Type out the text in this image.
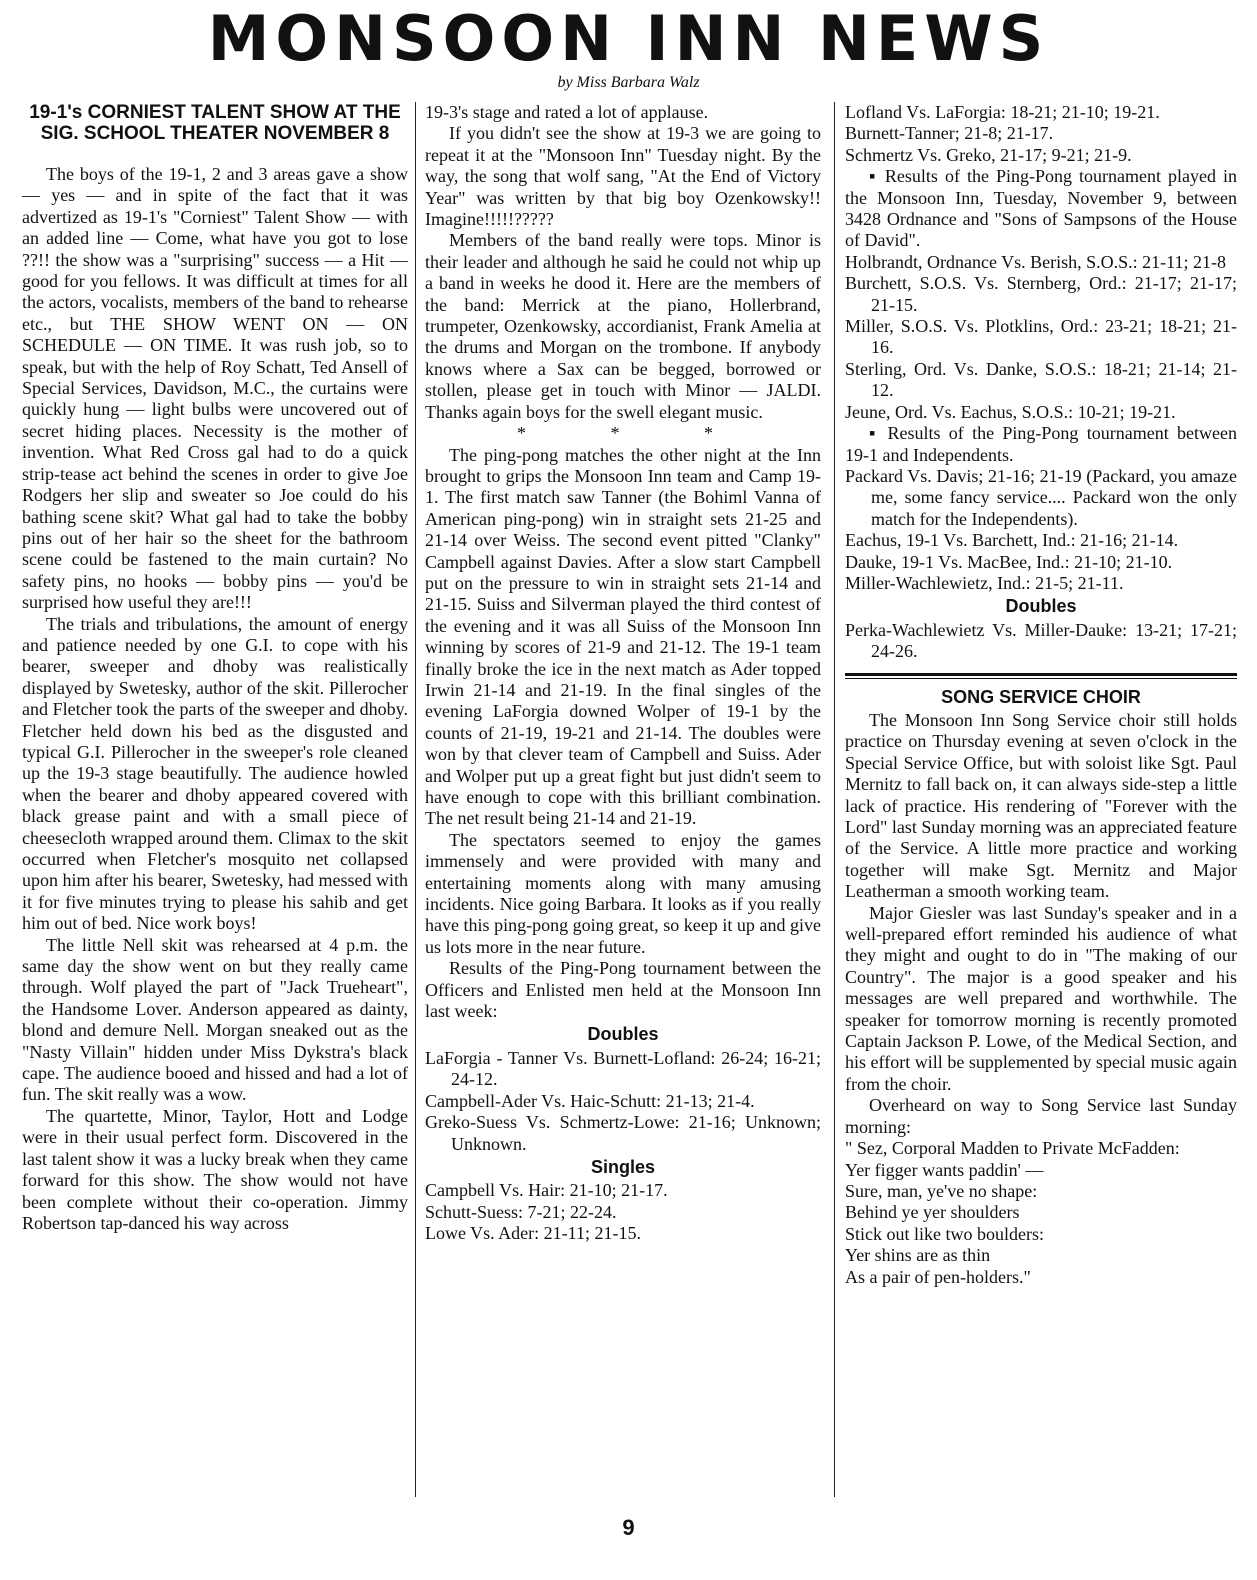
MONSOON INN NEWS
by Miss Barbara Walz
19-1's CORNIEST TALENT SHOW AT THE SIG. SCHOOL THEATER NOVEMBER 8

The boys of the 19-1, 2 and 3 areas gave a show — yes — and in spite of the fact that it was advertized as 19-1's "Corniest" Talent Show — with an added line — Come, what have you got to lose ??!! the show was a "surprising" success — a Hit — good for you fellows. It was difficult at times for all the actors, vocalists, members of the band to rehearse etc., but THE SHOW WENT ON — ON SCHEDULE — ON TIME. It was rush job, so to speak, but with the help of Roy Schatt, Ted Ansell of Special Services, Davidson, M.C., the curtains were quickly hung — light bulbs were uncovered out of secret hiding places. Necessity is the mother of invention. What Red Cross gal had to do a quick strip-tease act behind the scenes in order to give Joe Rodgers her slip and sweater so Joe could do his bathing scene skit? What gal had to take the bobby pins out of her hair so the sheet for the bathroom scene could be fastened to the main curtain? No safety pins, no hooks — bobby pins — you'd be surprised how useful they are!!!

The trials and tribulations, the amount of energy and patience needed by one G.I. to cope with his bearer, sweeper and dhoby was realistically displayed by Swetesky, author of the skit. Pillerocher and Fletcher took the parts of the sweeper and dhoby. Fletcher held down his bed as the disgusted and typical G.I. Pillerocher in the sweeper's role cleaned up the 19-3 stage beautifully. The audience howled when the bearer and dhoby appeared covered with black grease paint and with a small piece of cheesecloth wrapped around them. Climax to the skit occurred when Fletcher's mosquito net collapsed upon him after his bearer, Swetesky, had messed with it for five minutes trying to please his sahib and get him out of bed. Nice work boys!

The little Nell skit was rehearsed at 4 p.m. the same day the show went on but they really came through. Wolf played the part of "Jack Trueheart", the Handsome Lover. Anderson appeared as dainty, blond and demure Nell. Morgan sneaked out as the "Nasty Villain" hidden under Miss Dykstra's black cape. The audience booed and hissed and had a lot of fun. The skit really was a wow.

The quartette, Minor, Taylor, Hott and Lodge were in their usual perfect form. Discovered in the last talent show it was a lucky break when they came forward for this show. The show would not have been complete without their co-operation. Jimmy Robertson tap-danced his way across

19-3's stage and rated a lot of applause.

If you didn't see the show at 19-3 we are going to repeat it at the "Monsoon Inn" Tuesday night. By the way, the song that wolf sang, "At the End of Victory Year" was written by that big boy Ozenkowsky!! Imagine!!!!!?????

Members of the band really were tops. Minor is their leader and although he said he could not whip up a band in weeks he dood it. Here are the members of the band: Merrick at the piano, Hollerbrand, trumpeter, Ozenkowsky, accordianist, Frank Amelia at the drums and Morgan on the trombone. If anybody knows where a Sax can be begged, borrowed or stollen, please get in touch with Minor — JALDI. Thanks again boys for the swell elegant music.

* * *

The ping-pong matches the other night at the Inn brought to grips the Monsoon Inn team and Camp 19-1. The first match saw Tanner (the Bohiml Vanna of American ping-pong) win in straight sets 21-25 and 21-14 over Weiss. The second event pitted "Clanky" Campbell against Davies. After a slow start Campbell put on the pressure to win in straight sets 21-14 and 21-15. Suiss and Silverman played the third contest of the evening and it was all Suiss of the Monsoon Inn winning by scores of 21-9 and 21-12. The 19-1 team finally broke the ice in the next match as Ader topped Irwin 21-14 and 21-19. In the final singles of the evening LaForgia downed Wolper of 19-1 by the counts of 21-19, 19-21 and 21-14. The doubles were won by that clever team of Campbell and Suiss. Ader and Wolper put up a great fight but just didn't seem to have enough to cope with this brilliant combination. The net result being 21-14 and 21-19.

The spectators seemed to enjoy the games immensely and were provided with many and entertaining moments along with many amusing incidents. Nice going Barbara. It looks as if you really have this ping-pong going great, so keep it up and give us lots more in the near future.

Results of the Ping-Pong tournament between the Officers and Enlisted men held at the Monsoon Inn last week:

Doubles

LaForgia - Tanner Vs. Burnett-Lofland: 26-24; 16-21; 24-12.

Campbell-Ader Vs. Haic-Schutt: 21-13; 21-4.

Greko-Suess Vs. Schmertz-Lowe: 21-16; Unknown; Unknown.

Singles

Campbell Vs. Hair: 21-10; 21-17.

Schutt-Suess: 7-21; 22-24.

Lowe Vs. Ader: 21-11; 21-15.

Lofland Vs. LaForgia: 18-21; 21-10; 19-21.

Burnett-Tanner; 21-8; 21-17.

Schmertz Vs. Greko, 21-17; 9-21; 21-9.

▪ Results of the Ping-Pong tournament played in the Monsoon Inn, Tuesday, November 9, between 3428 Ordnance and "Sons of Sampsons of the House of David".

Holbrandt, Ordnance Vs. Berish, S.O.S.: 21-11; 21-8

Burchett, S.O.S. Vs. Sternberg, Ord.: 21-17; 21-17; 21-15.

Miller, S.O.S. Vs. Plotklins, Ord.: 23-21; 18-21; 21-16.

Sterling, Ord. Vs. Danke, S.O.S.: 18-21; 21-14; 21-12.

Jeune, Ord. Vs. Eachus, S.O.S.: 10-21; 19-21.

▪ Results of the Ping-Pong tournament between 19-1 and Independents.

Packard Vs. Davis; 21-16; 21-19 (Packard, you amaze me, some fancy service.... Packard won the only match for the Independents).

Eachus, 19-1 Vs. Barchett, Ind.: 21-16; 21-14.

Dauke, 19-1 Vs. MacBee, Ind.: 21-10; 21-10.

Miller-Wachlewietz, Ind.: 21-5; 21-11.

Doubles

Perka-Wachlewietz Vs. Miller-Dauke: 13-21; 17-21; 24-26.

SONG SERVICE CHOIR

The Monsoon Inn Song Service choir still holds practice on Thursday evening at seven o'clock in the Special Service Office, but with soloist like Sgt. Paul Mernitz to fall back on, it can always side-step a little lack of practice. His rendering of "Forever with the Lord" last Sunday morning was an appreciated feature of the Service. A little more practice and working together will make Sgt. Mernitz and Major Leatherman a smooth working team.

Major Giesler was last Sunday's speaker and in a well-prepared effort reminded his audience of what they might and ought to do in "The making of our Country". The major is a good speaker and his messages are well prepared and worthwhile. The speaker for tomorrow morning is recently promoted Captain Jackson P. Lowe, of the Medical Section, and his effort will be supplemented by special music again from the choir.

Overheard on way to Song Service last Sunday morning:

" Sez, Corporal Madden to Private McFadden:

Yer figger wants paddin' —

Sure, man, ye've no shape:

Behind ye yer shoulders

Stick out like two boulders:

Yer shins are as thin

As a pair of pen-holders."

9
